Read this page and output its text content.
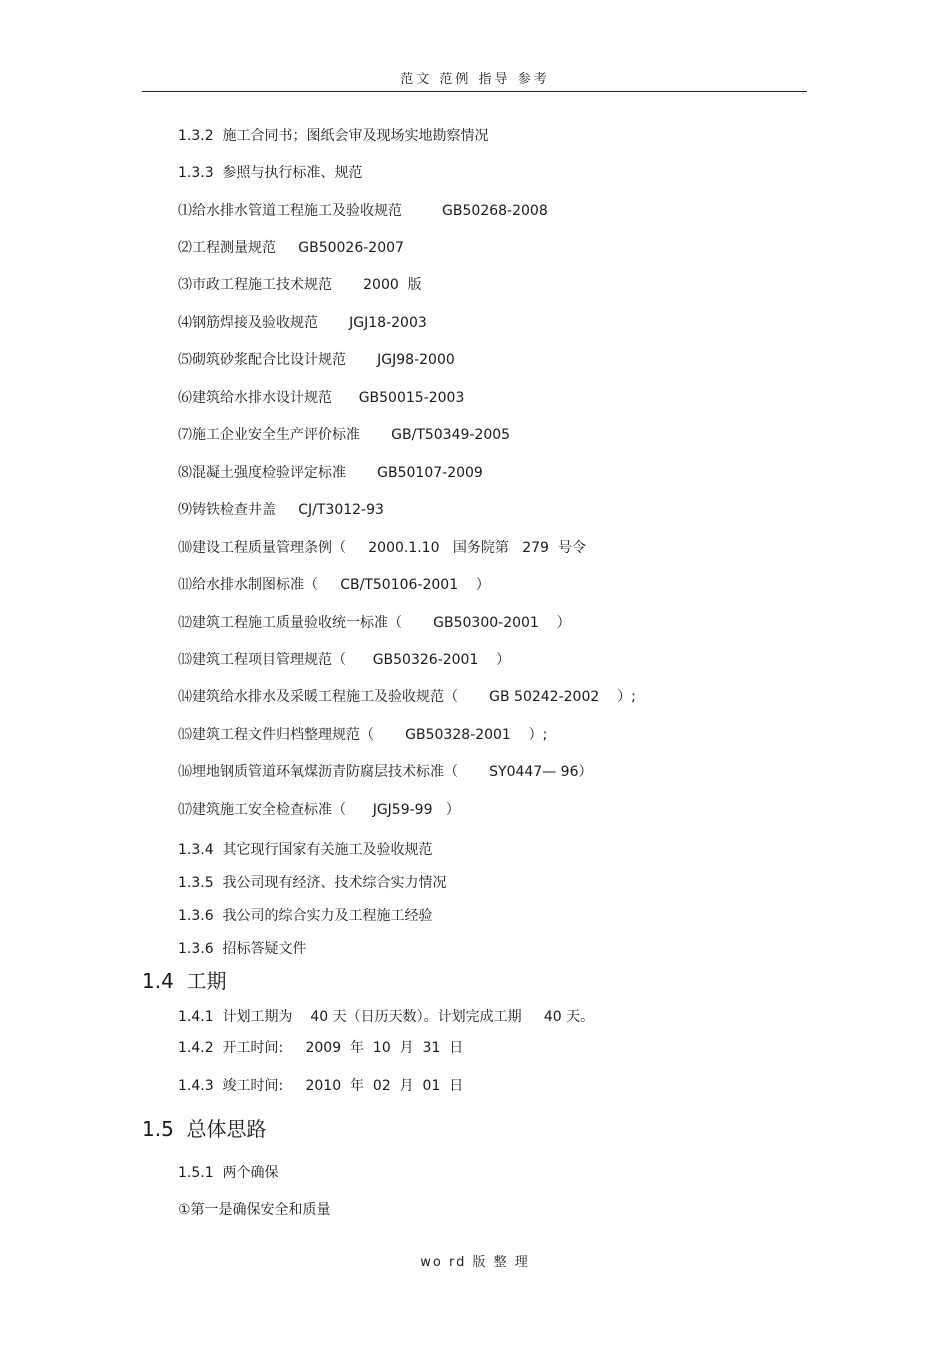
范文 范例 指导 参考
1.3.2  施工合同书；图纸会审及现场实地勘察情况
1.3.3  参照与执行标准、规范
⑴给水排水管道工程施工及验收规范         GB50268-2008
⑵工程测量规范     GB50026-2007
⑶市政工程施工技术规范       2000  版
⑷钢筋焊接及验收规范       JGJ18-2003
⑸砌筑砂浆配合比设计规范       JGJ98-2000
⑹建筑给水排水设计规范      GB50015-2003
⑺施工企业安全生产评价标准       GB/T50349-2005
⑻混凝土强度检验评定标准       GB50107-2009
⑼铸铁检查井盖     CJ/T3012-93
⑽建设工程质量管理条例（     2000.1.10   国务院第   279  号令
⑾给水排水制图标准（     CB/T50106-2001    ）
⑿建筑工程施工质量验收统一标准（       GB50300-2001    ）
⒀建筑工程项目管理规范（      GB50326-2001    ）
⒁建筑给水排水及采暖工程施工及验收规范（       GB 50242-2002    ）;
⒂建筑工程文件归档整理规范（       GB50328-2001    ）;
⒃埋地钢质管道环氧煤沥青防腐层技术标准（       SY0447— 96）
⒄建筑施工安全检查标准（      JGJ59-99   ）
1.3.4  其它现行国家有关施工及验收规范
1.3.5  我公司现有经济、技术综合实力情况
1.3.6  我公司的综合实力及工程施工经验
1.3.6  招标答疑文件
1.4  工期
1.4.1  计划工期为    40 天（日历天数）。计划完成工期     40 天。
1.4.2  开工时间:     2009  年  10  月  31  日
1.4.3  竣工时间:     2010  年  02  月  01  日
1.5  总体思路
1.5.1  两个确保
①第一是确保安全和质量
wo rd 版 整 理
